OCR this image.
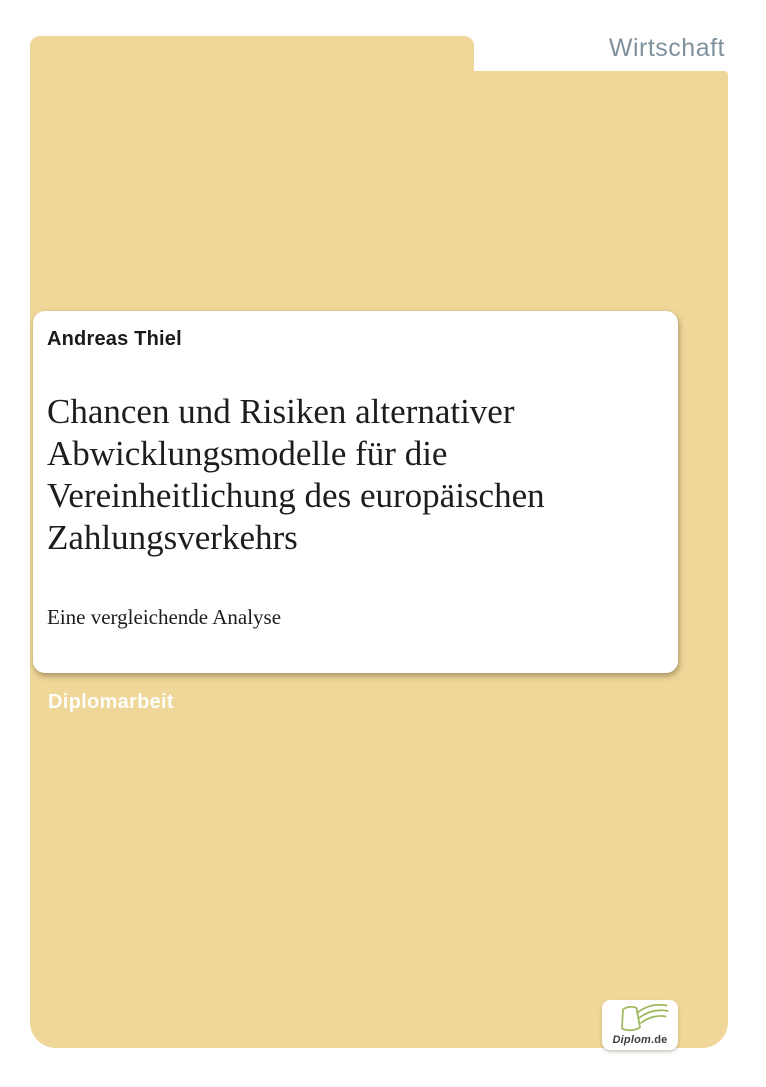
Wirtschaft
Andreas Thiel
Chancen und Risiken alternativer
Abwicklungsmodelle für die
Vereinheitlichung des europäischen
Zahlungsverkehrs
Eine vergleichende Analyse
Diplomarbeit
Diplom.de
